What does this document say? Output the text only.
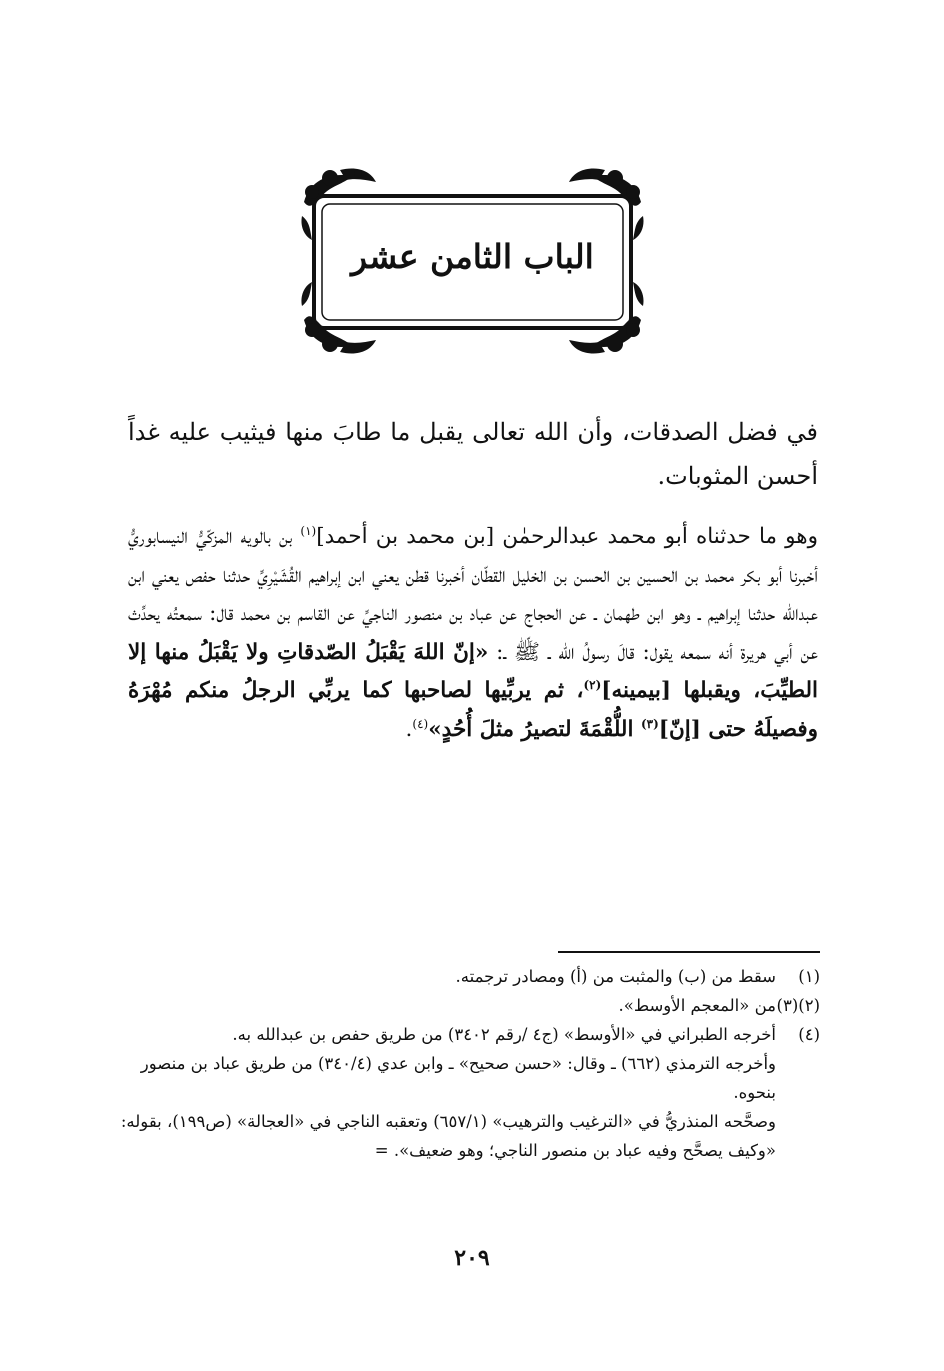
الباب الثامن عشر
في فضل الصدقات، وأن الله تعالى يقبل ما طابَ منها فيثيب عليه غداً أحسن المثوبات.
وهو ما حدثناه أبو محمد عبدالرحمٰن [بن محمد بن أحمد]$^{(١)}$ بن بالويه المزكّيُّ النيسابوريُّ أخبرنا أبو بكر محمد بن الحسين بن الحسن بن الخليل القطّان أخبرنا قطن يعني ابن إبراهيم القُشَيْرِيِّ حدثنا حفص يعني ابن عبدالله حدثنا إبراهيم ـ وهو ابن طهمان ـ عن الحجاج عن عباد بن منصور الناجيِّ عن القاسم بن محمد قال: سمعتُه يحدِّث عن أبي هريرة أنه سمعه يقول: قالَ رسولُ الله ـ ﷺ ـ: «إنّ اللهَ يَقْبَلُ الصّدقاتِ ولا يَقْبَلُ منها إلا الطيِّبَ، ويقبلها [بيمينه]$^{(٢)}$، ثم يربِّيها لصاحبها كما يربِّي الرجلُ منكم مُهْرَهُ وفصيلَهُ حتى [إنّ]$^{(٣)}$ اللُّقْمَةَ لتصيرُ مثلَ أُحُدٍ»$^{(٤)}$.
(١)
سقط من (ب) والمثبت من (أ) ومصادر ترجمته.
(٢)(٣)
من «المعجم الأوسط».
(٤)
أخرجه الطبراني في «الأوسط» (ج٤ /رقم ٣٤٠٢) من طريق حفص بن عبدالله به.
وأخرجه الترمذي (٦٦٢) ـ وقال: «حسن صحيح» ـ وابن عدي (٣٤٠/٤) من طريق عباد بن منصور بنحوه.
وصحَّحه المنذريُّ في «الترغيب والترهيب» (٦٥٧/١) وتعقبه الناجي في «العجالة» (ص١٩٩)، بقوله: «وكيف يصحَّح وفيه عباد بن منصور الناجي؛ وهو ضعيف». =
٢٠٩
